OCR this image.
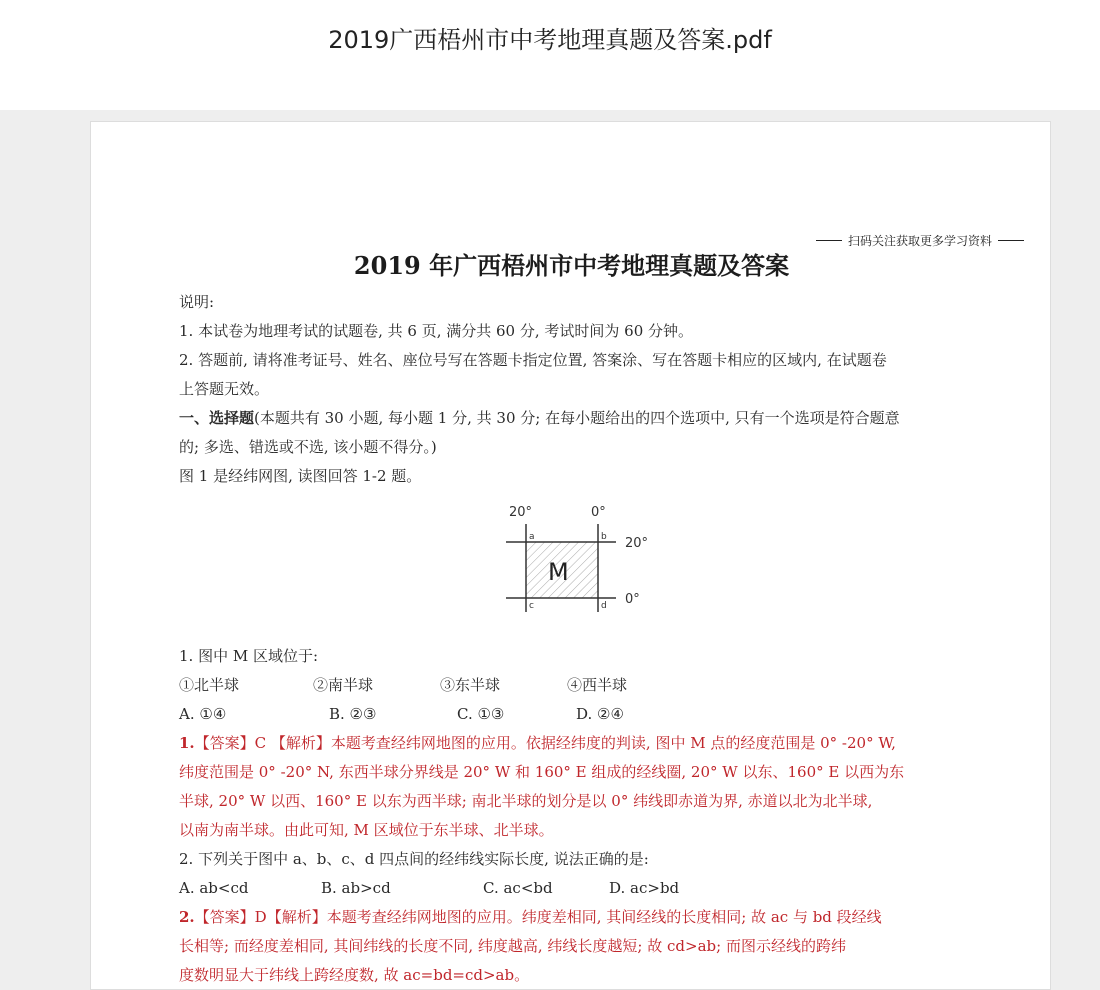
2019广西梧州市中考地理真题及答案.pdf
扫码关注获取更多学习资料
2019 年广西梧州市中考地理真题及答案
说明:
1. 本试卷为地理考试的试题卷, 共 6 页, 满分共 60 分, 考试时间为 60 分钟。
2. 答题前, 请将准考证号、姓名、座位号写在答题卡指定位置, 答案涂、写在答题卡相应的区域内, 在试题卷
上答题无效。
一、选择题(本题共有 30 小题, 每小题 1 分, 共 30 分; 在每小题给出的四个选项中, 只有一个选项是符合题意
的; 多选、错选或不选, 该小题不得分。)
图 1 是经纬网图, 读图回答 1-2 题。
20°	0°
20°
0°
M
a	b
c	d
1. 图中 M 区域位于:
①北半球	②南半球	③东半球	④西半球
A. ①④	B. ②③	C. ①③	D. ②④
1.【答案】C 【解析】本题考查经纬网地图的应用。依据经纬度的判读, 图中 M 点的经度范围是 0° -20° W,
纬度范围是 0° -20° N, 东西半球分界线是 20° W 和 160° E 组成的经线圈, 20° W 以东、160° E 以西为东
半球, 20° W 以西、160° E 以东为西半球; 南北半球的划分是以 0° 纬线即赤道为界, 赤道以北为北半球,
以南为南半球。由此可知, M 区域位于东半球、北半球。
2. 下列关于图中 a、b、c、d 四点间的经纬线实际长度, 说法正确的是:
A. ab<cd	B. ab>cd	C. ac<bd	D. ac>bd
2.【答案】D【解析】本题考查经纬网地图的应用。纬度差相同, 其间经线的长度相同; 故 ac 与 bd 段经线
长相等; 而经度差相同, 其间纬线的长度不同, 纬度越高, 纬线长度越短; 故 cd>ab; 而图示经线的跨纬
度数明显大于纬线上跨经度数, 故 ac=bd=cd>ab。
